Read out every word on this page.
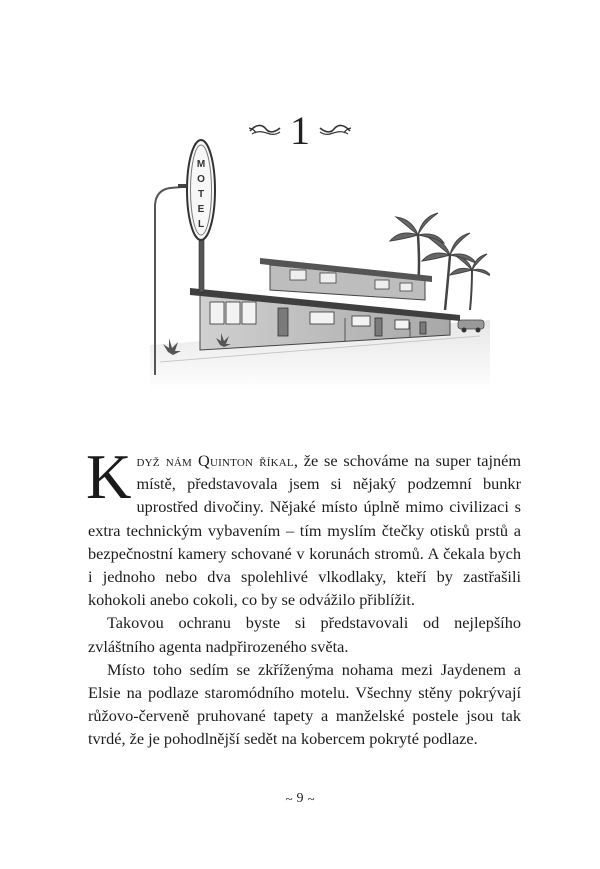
1
M
O
T
E
L

Když nám Quinton říkal, že se schováme na super tajném místě, představovala jsem si nějaký podzemní bunkr uprostřed divočiny. Nějaké místo úplně mimo civilizaci s extra technickým vybavením – tím myslím čtečky otisků prstů a bezpečnostní kamery schované v korunách stromů. A čekala bych i jednoho nebo dva spolehlivé vlkodlaky, kteří by zastřašili kohokoli anebo cokoli, co by se odvážilo přiblížit.

Takovou ochranu byste si představovali od nejlepšího zvláštního agenta nadpřirozeného světa.

Místo toho sedím se zkříženýma nohama mezi Jaydenem a Elsie na podlaze staromódního motelu. Všechny stěny pokrývají růžovo-červeně pruhované tapety a manželské postele jsou tak tvrdé, že je pohodlnější sedět na kobercem pokryté podlaze.

~ 9 ~
